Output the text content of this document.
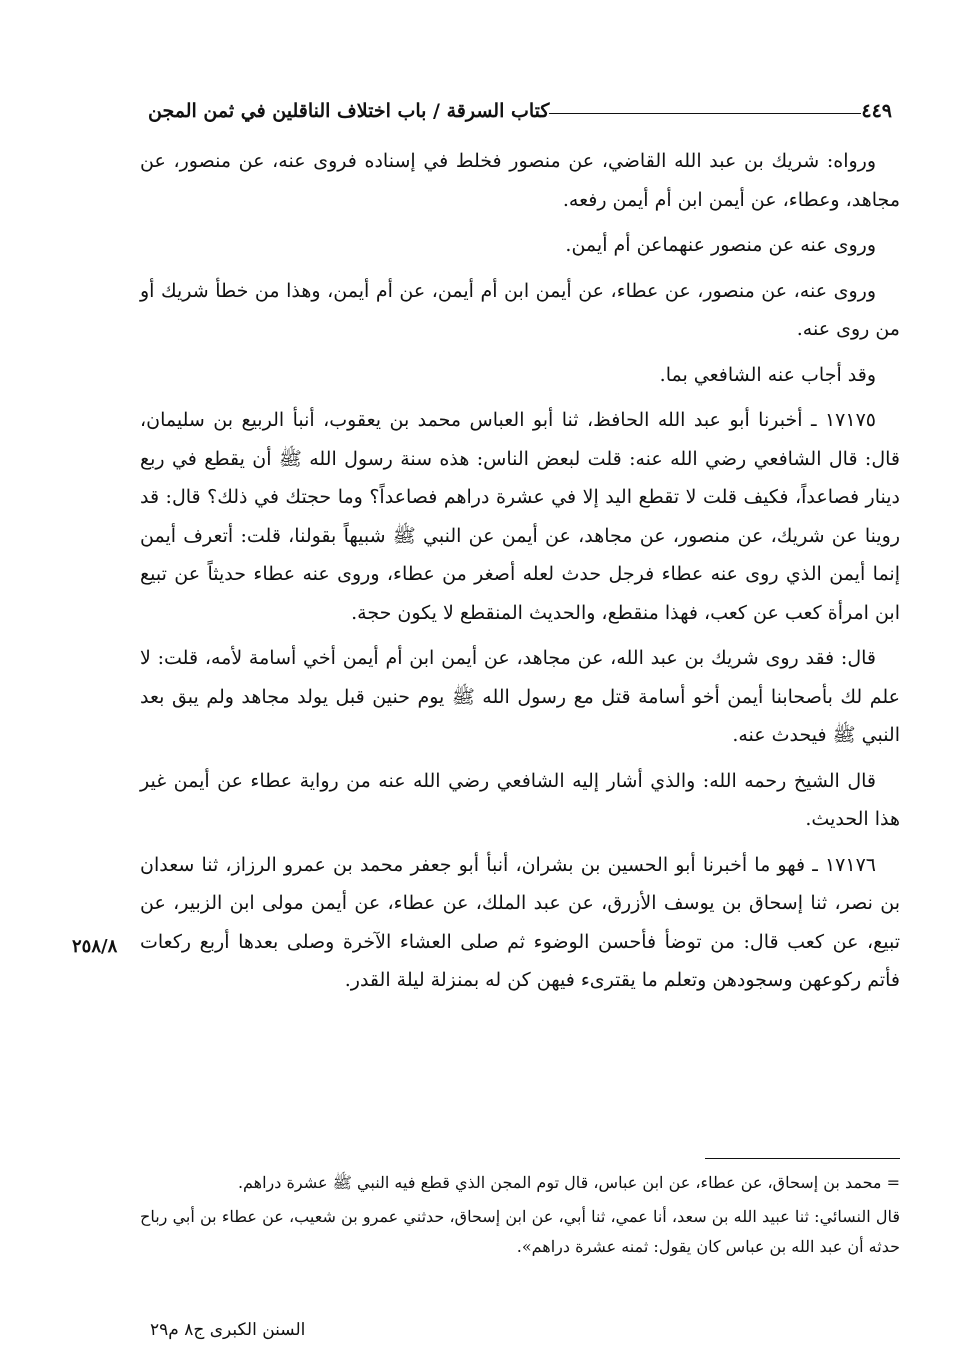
كتاب السرقة / باب اختلاف الناقلين في ثمن المجن	٤٤٩

ورواه: شريك بن عبد الله القاضي، عن منصور فخلط في إسناده فروى عنه، عن منصور، عن مجاهد، وعطاء، عن أيمن ابن أم أيمن رفعه.

وروى عنه عن منصور عنهماعن أم أيمن.

وروى عنه، عن منصور، عن عطاء، عن أيمن ابن أم أيمن، عن أم أيمن، وهذا من خطأ شريك أو من روى عنه.

وقد أجاب عنه الشافعي بما.

١٧١٧٥ ـ أخبرنا أبو عبد الله الحافظ، ثنا أبو العباس محمد بن يعقوب، أنبأ الربيع بن سليمان، قال: قال الشافعي رضي الله عنه: قلت لبعض الناس: هذه سنة رسول الله ﷺ أن يقطع في ربع دينار فصاعداً، فكيف قلت لا تقطع اليد إلا في عشرة دراهم فصاعداً؟ وما حجتك في ذلك؟ قال: قد روينا عن شريك، عن منصور، عن مجاهد، عن أيمن عن النبي ﷺ شبيهاً بقولنا، قلت: أتعرف أيمن إنما أيمن الذي روى عنه عطاء فرجل حدث لعله أصغر من عطاء، وروى عنه عطاء حديثاً عن تبيع ابن امرأة كعب عن كعب، فهذا منقطع، والحديث المنقطع لا يكون حجة.

قال: فقد روى شريك بن عبد الله، عن مجاهد، عن أيمن ابن أم أيمن أخي أسامة لأمه، قلت: لا علم لك بأصحابنا أيمن أخو أسامة قتل مع رسول الله ﷺ يوم حنين قبل يولد مجاهد ولم يبق بعد النبي ﷺ فيحدث عنه.

قال الشيخ رحمه الله: والذي أشار إليه الشافعي رضي الله عنه من رواية عطاء عن أيمن غير هذا الحديث.

١٧١٧٦ ـ فهو ما أخبرنا أبو الحسين بن بشران، أنبأ أبو جعفر محمد بن عمرو الرزاز، ثنا سعدان بن نصر، ثنا إسحاق بن يوسف الأزرق، عن عبد الملك، عن عطاء، عن أيمن مولى ابن الزبير، عن تبيع، عن كعب قال: من توضأ فأحسن الوضوء ثم صلى العشاء الآخرة وصلى بعدها أربع ركعات فأتم ركوعهن وسجودهن وتعلم ما يقترىء فيهن كن له بمنزلة ليلة القدر.

٢٥٨/٨

= محمد بن إسحاق، عن عطاء، عن ابن عباس، قال توم المجن الذي قطع فيه النبي ﷺ عشرة دراهم.

قال النسائي: ثنا عبيد الله بن سعد، أنا عمي، ثنا أبي، عن ابن إسحاق، حدثني عمرو بن شعيب، عن عطاء بن أبي رباح حدثه أن عبد الله بن عباس كان يقول: ثمنه عشرة دراهم».

السنن الكبرى ج٨ م٢٩
